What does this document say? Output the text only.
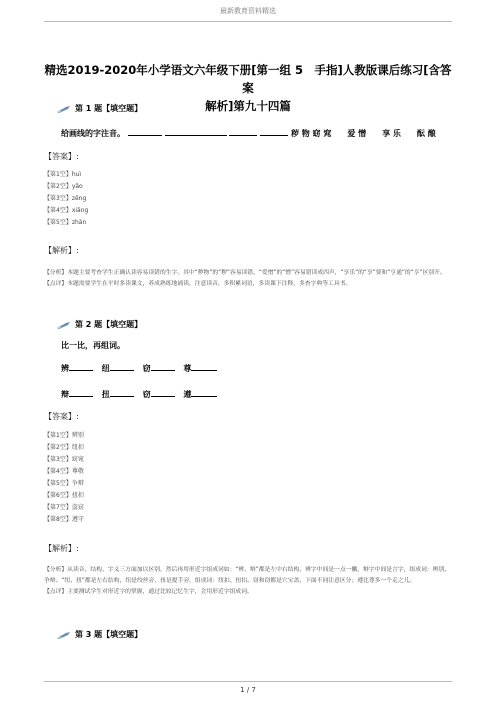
最新教育资料精选
精选2019-2020年小学语文六年级下册[第一组 5　手指]人教版课后练习[含答案
解析]第九十四篇
第 1 题【填空题】
给画线的字注音。	秽 物 窈 窕　　爱 憎　　享 乐　　酝 酿
【答案】:
【第1空】huì
【第2空】yǎo
【第3空】zēng
【第4空】xiǎng
【第5空】zhàn
【解析】:
【分析】本题主要考查学生正确认读容易读错的生字。其中“秽物”的“秽”容易读错，“爱憎”的“憎”容易错读成四声，“享乐”的“享”要和“亨通”的“亨”区别开。
【点评】本题需要学生在平时多读课文，养成熟练地诵读，注意读音，多积累词语，多读课下注释，多查字典等工具书。
第 2 题【填空题】
比一比，再组词。
辨	纽	窃	尊
辩	扭	窃	遵
【答案】:
【第1空】辨别
【第2空】纽扣
【第3空】窈窕
【第4空】尊敬
【第5空】争辩
【第6空】扭扣
【第7空】盗窃
【第8空】遵守
【解析】:
【分析】从读音、结构、字义三方面加以区别，然后再用形近字组成词如：“辨、辩”都是左中右结构，辨字中间是一点一撇，辩字中间是言字，组成词：辨别、争辩。“纽、扭”都是左右结构，纽是绞丝旁，扭是提手旁，组成词：纽扣、扭扣。窃和窃都是穴宝盖，下面不同注意区分；遵比尊多一个走之儿。
【点评】主要测试学生对形近字的掌握，通过比较记忆生字，会用形近字组成词。
第 3 题【填空题】
1 / 7
